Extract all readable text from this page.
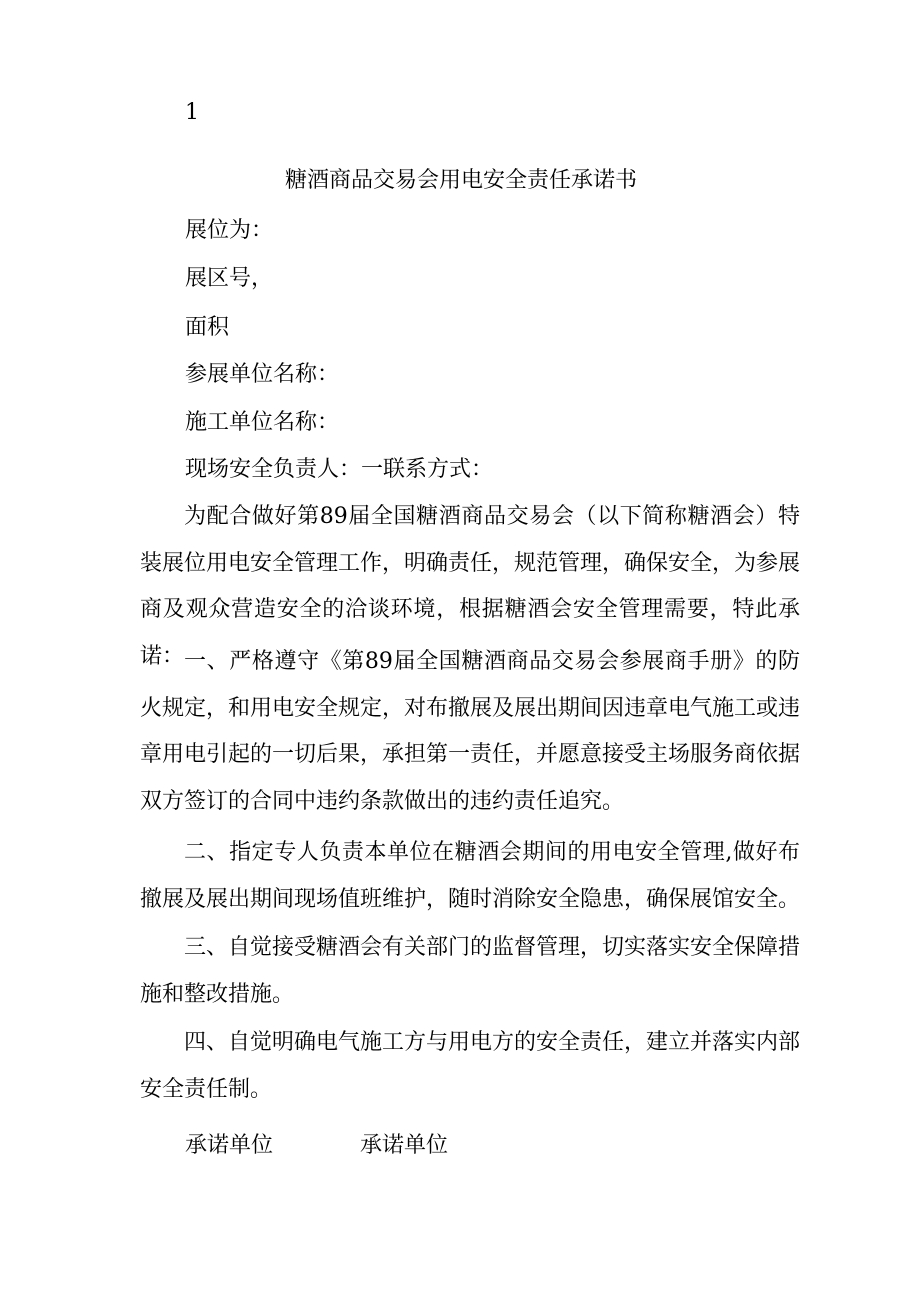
1
糖酒商品交易会用电安全责任承诺书
展位为：
展区号，
面积
参展单位名称：
施工单位名称：
现场安全负责人：一联系方式：

为配合做好第89届全国糖酒商品交易会（以下简称糖酒会）特装展位用电安全管理工作，明确责任，规范管理，确保安全，为参展商及观众营造安全的洽谈环境，根据糖酒会安全管理需要，特此承诺： 一、严格遵守《第89届全国糖酒商品交易会参展商手册》的防火规定，和用电安全规定，对布撤展及展出期间因违章电气施工或违章用电引起的一切后果，承担第一责任，并愿意接受主场服务商依据双方签订的合同中违约条款做出的违约责任追究。

二、指定专人负责本单位在糖酒会期间的用电安全管理,做好布撤展及展出期间现场值班维护，随时消除安全隐患，确保展馆安全。

三、自觉接受糖酒会有关部门的监督管理，切实落实安全保障措施和整改措施。

四、自觉明确电气施工方与用电方的安全责任，建立并落实内部安全责任制。

承诺单位	承诺单位
